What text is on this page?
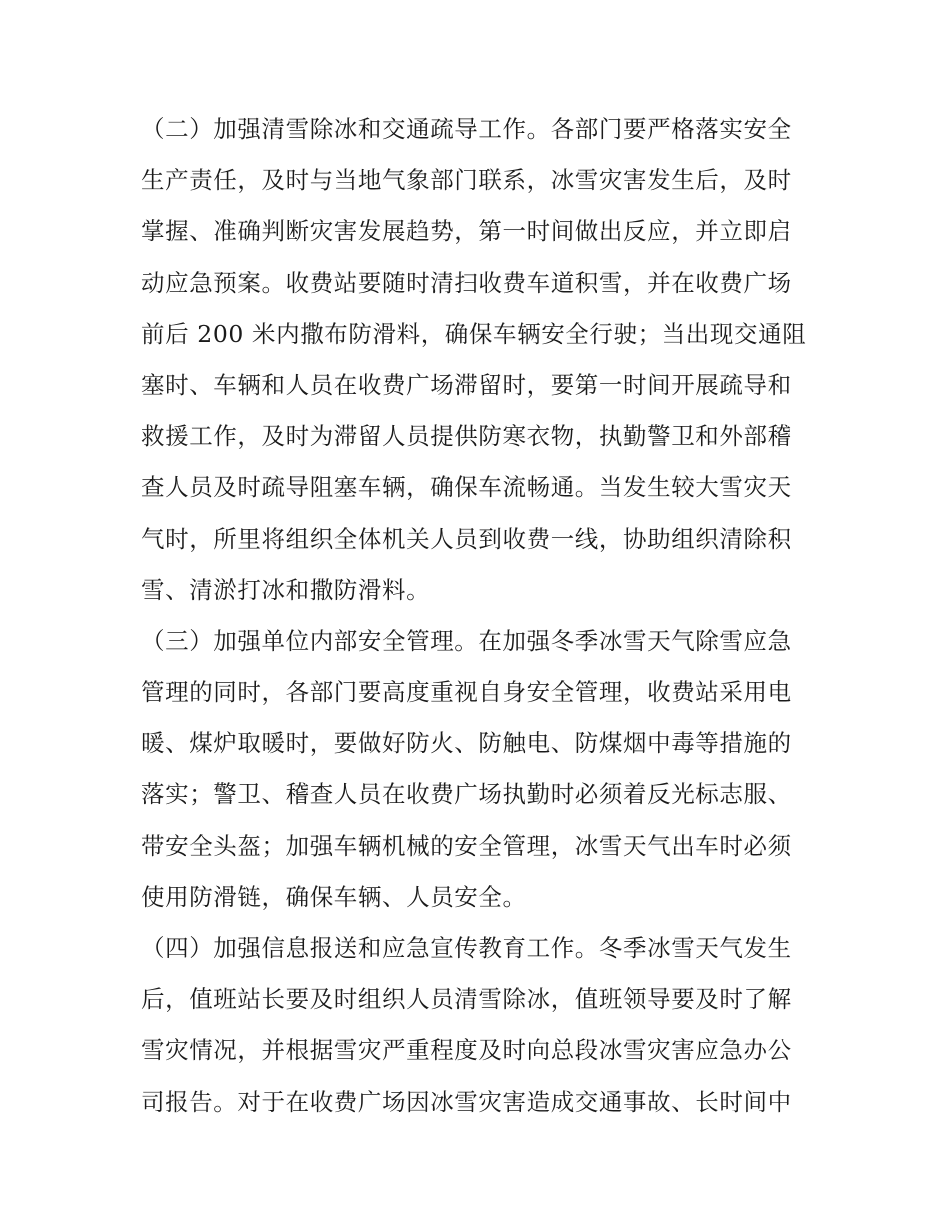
（二）加强清雪除冰和交通疏导工作。各部门要严格落实安全
生产责任，及时与当地气象部门联系，冰雪灾害发生后，及时
掌握、准确判断灾害发展趋势，第一时间做出反应，并立即启
动应急预案。收费站要随时清扫收费车道积雪，并在收费广场
前后 200 米内撒布防滑料，确保车辆安全行驶；当出现交通阻
塞时、车辆和人员在收费广场滞留时，要第一时间开展疏导和
救援工作，及时为滞留人员提供防寒衣物，执勤警卫和外部稽
查人员及时疏导阻塞车辆，确保车流畅通。当发生较大雪灾天
气时，所里将组织全体机关人员到收费一线，协助组织清除积
雪、清淤打冰和撒防滑料。
（三）加强单位内部安全管理。在加强冬季冰雪天气除雪应急
管理的同时，各部门要高度重视自身安全管理，收费站采用电
暖、煤炉取暖时，要做好防火、防触电、防煤烟中毒等措施的
落实；警卫、稽查人员在收费广场执勤时必须着反光标志服、
带安全头盔；加强车辆机械的安全管理，冰雪天气出车时必须
使用防滑链，确保车辆、人员安全。
（四）加强信息报送和应急宣传教育工作。冬季冰雪天气发生
后，值班站长要及时组织人员清雪除冰，值班领导要及时了解
雪灾情况，并根据雪灾严重程度及时向总段冰雪灾害应急办公
司报告。对于在收费广场因冰雪灾害造成交通事故、长时间中
